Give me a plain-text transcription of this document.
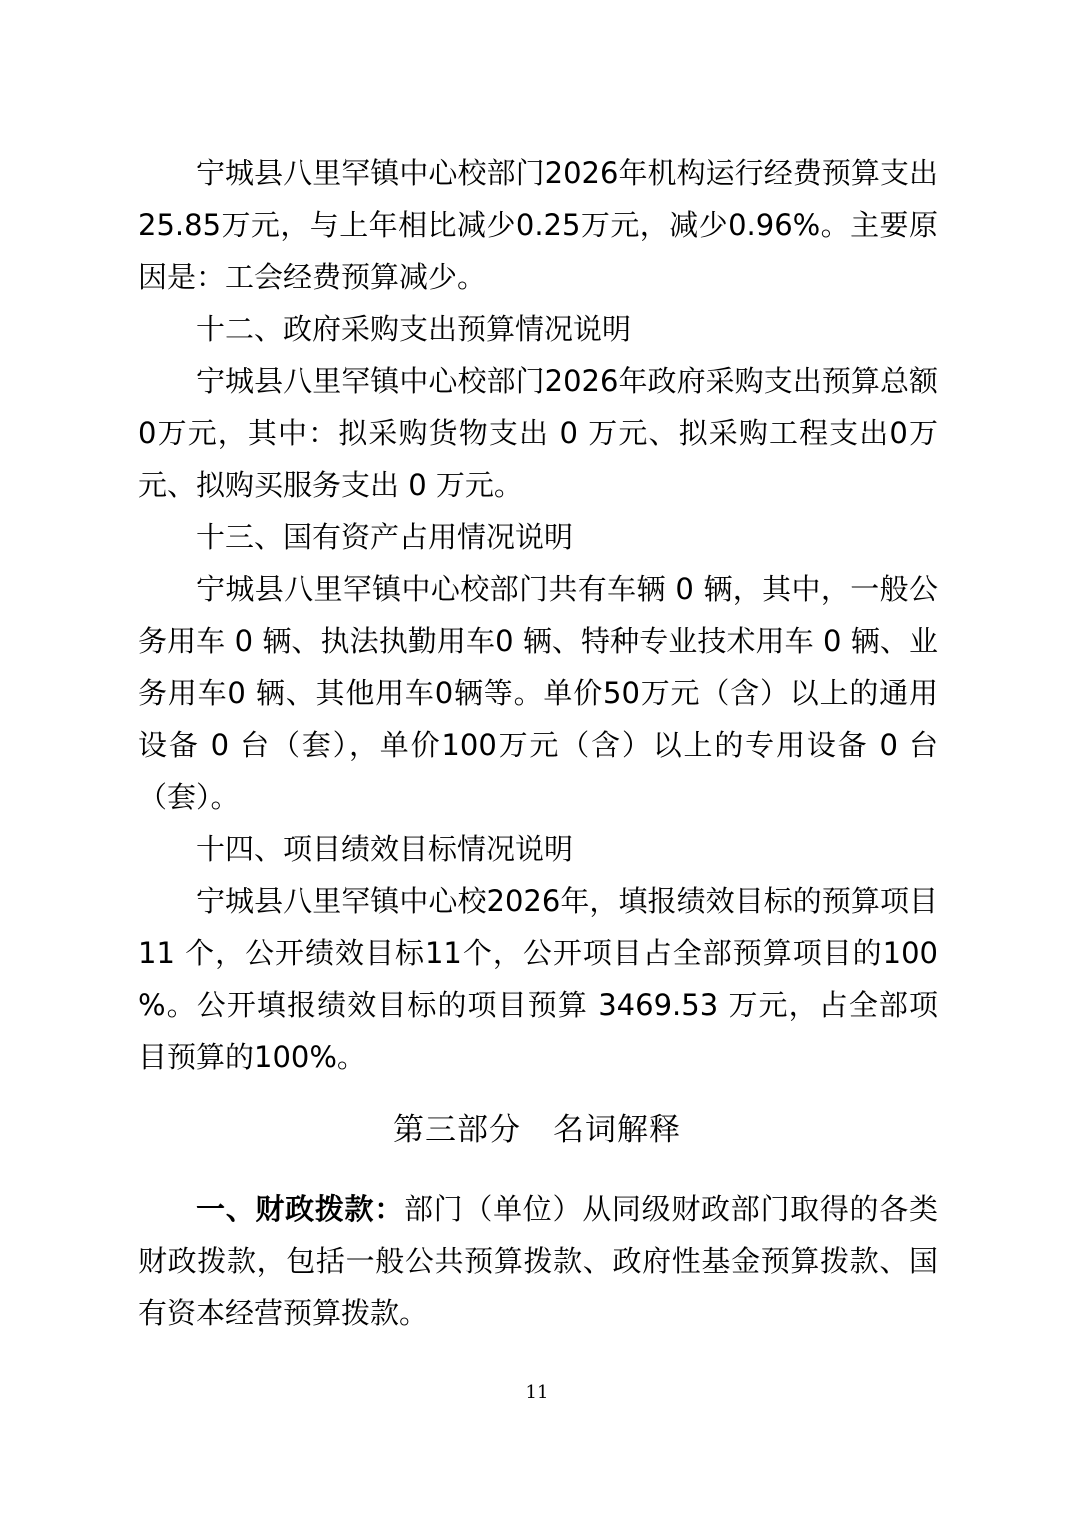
宁城县八里罕镇中心校部门2026年机构运行经费预算支出25.85万元，与上年相比减少0.25万元，减少0.96%。主要原因是：工会经费预算减少。

十二、政府采购支出预算情况说明

宁城县八里罕镇中心校部门2026年政府采购支出预算总额0万元，其中：拟采购货物支出 0 万元、拟采购工程支出0万元、拟购买服务支出 0 万元。

十三、国有资产占用情况说明

宁城县八里罕镇中心校部门共有车辆 0 辆，其中，一般公务用车 0 辆、执法执勤用车0 辆、特种专业技术用车 0 辆、业务用车0 辆、其他用车0辆等。单价50万元（含）以上的通用设备 0 台（套），单价100万元（含）以上的专用设备 0 台（套）。

十四、项目绩效目标情况说明

宁城县八里罕镇中心校2026年，填报绩效目标的预算项目11 个，公开绩效目标11个，公开项目占全部预算项目的100 %。公开填报绩效目标的项目预算 3469.53 万元，占全部项目预算的100%。

第三部分　名词解释

一、财政拨款：部门（单位）从同级财政部门取得的各类财政拨款，包括一般公共预算拨款、政府性基金预算拨款、国有资本经营预算拨款。

11
